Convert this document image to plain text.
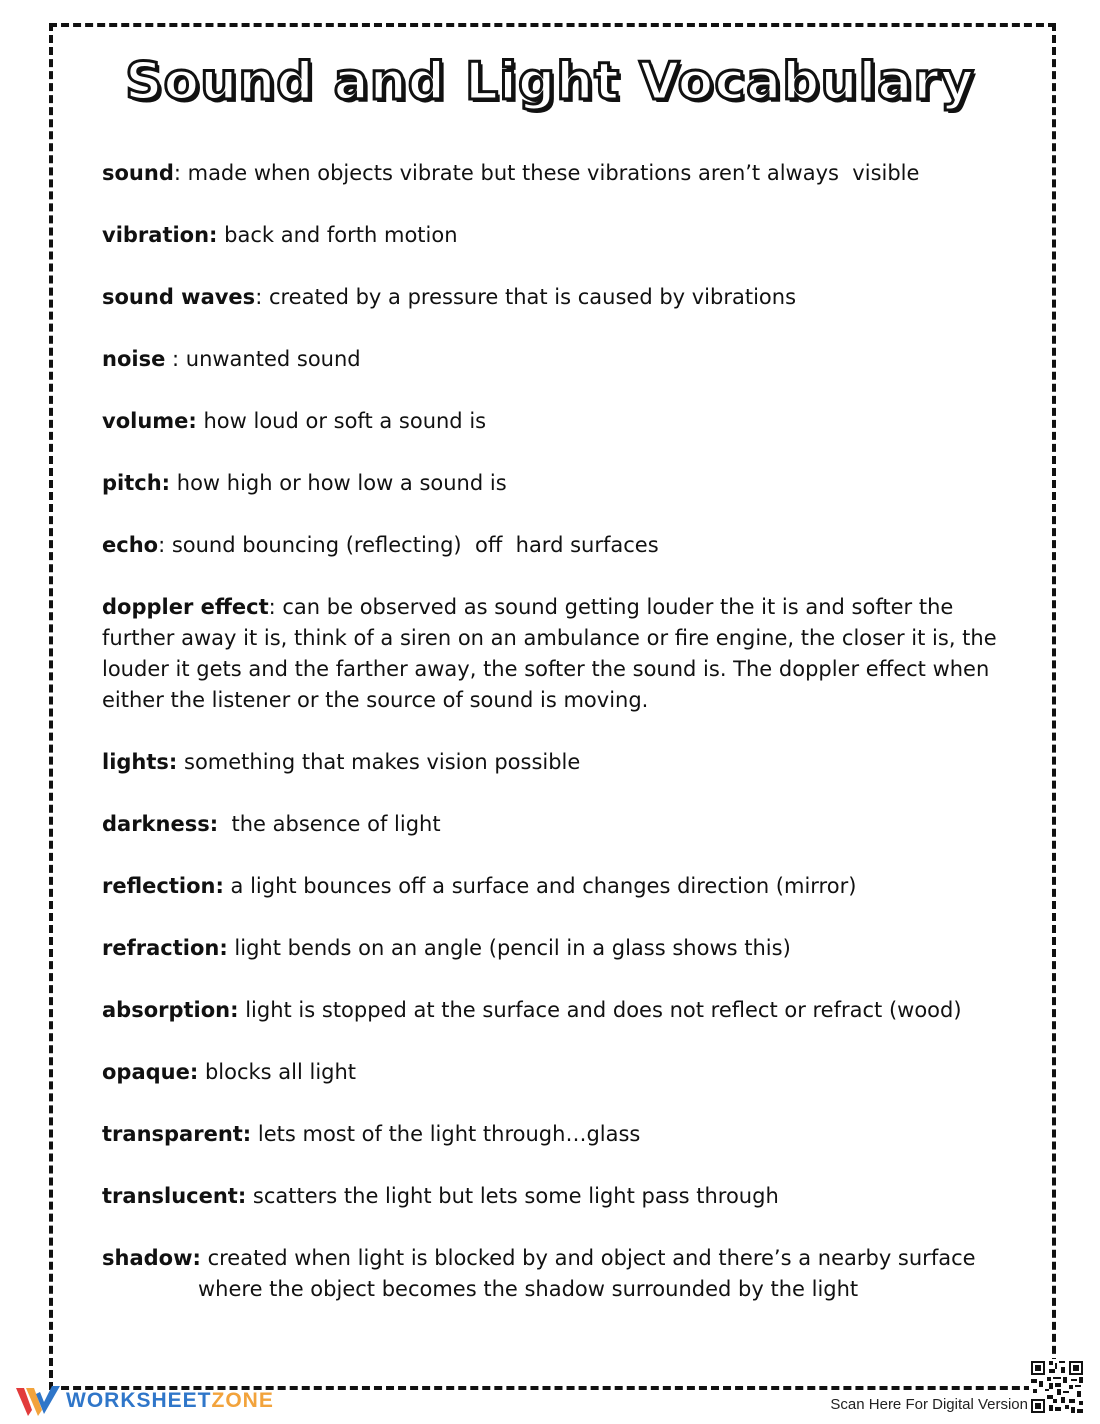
Sound and Light Vocabulary

sound: made when objects vibrate but these vibrations aren’t always  visible

vibration: back and forth motion

sound waves: created by a pressure that is caused by vibrations

noise : unwanted sound

volume: how loud or soft a sound is

pitch: how high or how low a sound is

echo: sound bouncing (reflecting)  off  hard surfaces

doppler effect: can be observed as sound getting louder the it is and softer the further away it is, think of a siren on an ambulance or fire engine, the closer it is, the louder it gets and the farther away, the softer the sound is. The doppler effect when either the listener or the source of sound is moving.

lights: something that makes vision possible

darkness:  the absence of light

reflection: a light bounces off a surface and changes direction (mirror)

refraction: light bends on an angle (pencil in a glass shows this)

absorption: light is stopped at the surface and does not reflect or refract (wood)

opaque: blocks all light

transparent: lets most of the light through…glass

translucent: scatters the light but lets some light pass through

shadow: created when light is blocked by and object and there’s a nearby surface
where the object becomes the shadow surrounded by the light

WORKSHEETZONE	Scan Here For Digital Version
